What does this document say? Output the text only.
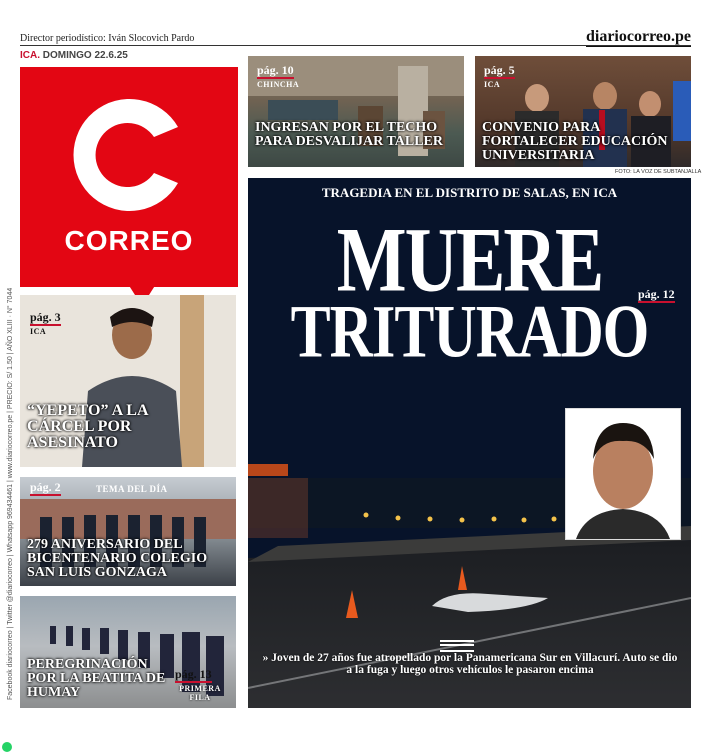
Director periodístico: Iván Slocovich Pardo	diariocorreo.pe
ICA. DOMINGO 22.6.25
Facebook diariocorreo | Twitter @diariocorreo | Whatsapp 969434461 | www.diariocorreo.pe | PRECIO: S/ 1.50 | AÑO XLIII · N° 7044
CORREO
pág. 10
CHINCHA
INGRESAN POR EL TECHO PARA DESVALIJAR TALLER
pág. 5
ICA
CONVENIO PARA FORTALECER EDUCACIÓN UNIVERSITARIA
FOTO: LA VOZ DE SUBTANJALLA
pág. 3
ICA
“YEPETO” A LA CÁRCEL POR ASESINATO
pág. 2	TEMA DEL DÍA
279 ANIVERSARIO DEL BICENTENARIO COLEGIO SAN LUIS GONZAGA
PEREGRINACIÓN POR LA BEATITA DE HUMAY
pág. 13
PRIMERA FILA
TRAGEDIA EN EL DISTRITO DE SALAS, EN ICA
MUERE
TRITURADO
pág. 12
» Joven de 27 años fue atropellado por la Panamericana Sur en Villacurí. Auto se dio a la fuga y luego otros vehículos le pasaron encima
